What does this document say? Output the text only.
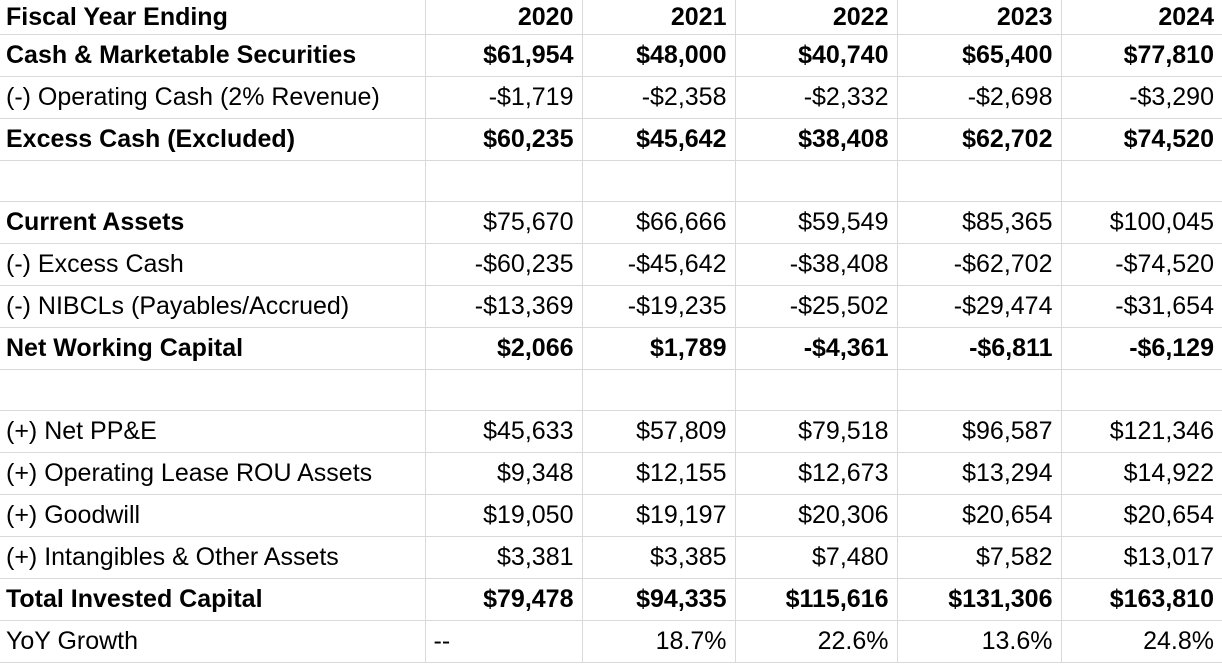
Fiscal Year Ending	2020	2021	2022	2023	2024
Cash & Marketable Securities	$61,954	$48,000	$40,740	$65,400	$77,810
(-) Operating Cash (2% Revenue)	-$1,719	-$2,358	-$2,332	-$2,698	-$3,290
Excess Cash (Excluded)	$60,235	$45,642	$38,408	$62,702	$74,520

Current Assets	$75,670	$66,666	$59,549	$85,365	$100,045
(-) Excess Cash	-$60,235	-$45,642	-$38,408	-$62,702	-$74,520
(-) NIBCLs (Payables/Accrued)	-$13,369	-$19,235	-$25,502	-$29,474	-$31,654
Net Working Capital	$2,066	$1,789	-$4,361	-$6,811	-$6,129

(+) Net PP&E	$45,633	$57,809	$79,518	$96,587	$121,346
(+) Operating Lease ROU Assets	$9,348	$12,155	$12,673	$13,294	$14,922
(+) Goodwill	$19,050	$19,197	$20,306	$20,654	$20,654
(+) Intangibles & Other Assets	$3,381	$3,385	$7,480	$7,582	$13,017
Total Invested Capital	$79,478	$94,335	$115,616	$131,306	$163,810
YoY Growth	--	18.7%	22.6%	13.6%	24.8%
